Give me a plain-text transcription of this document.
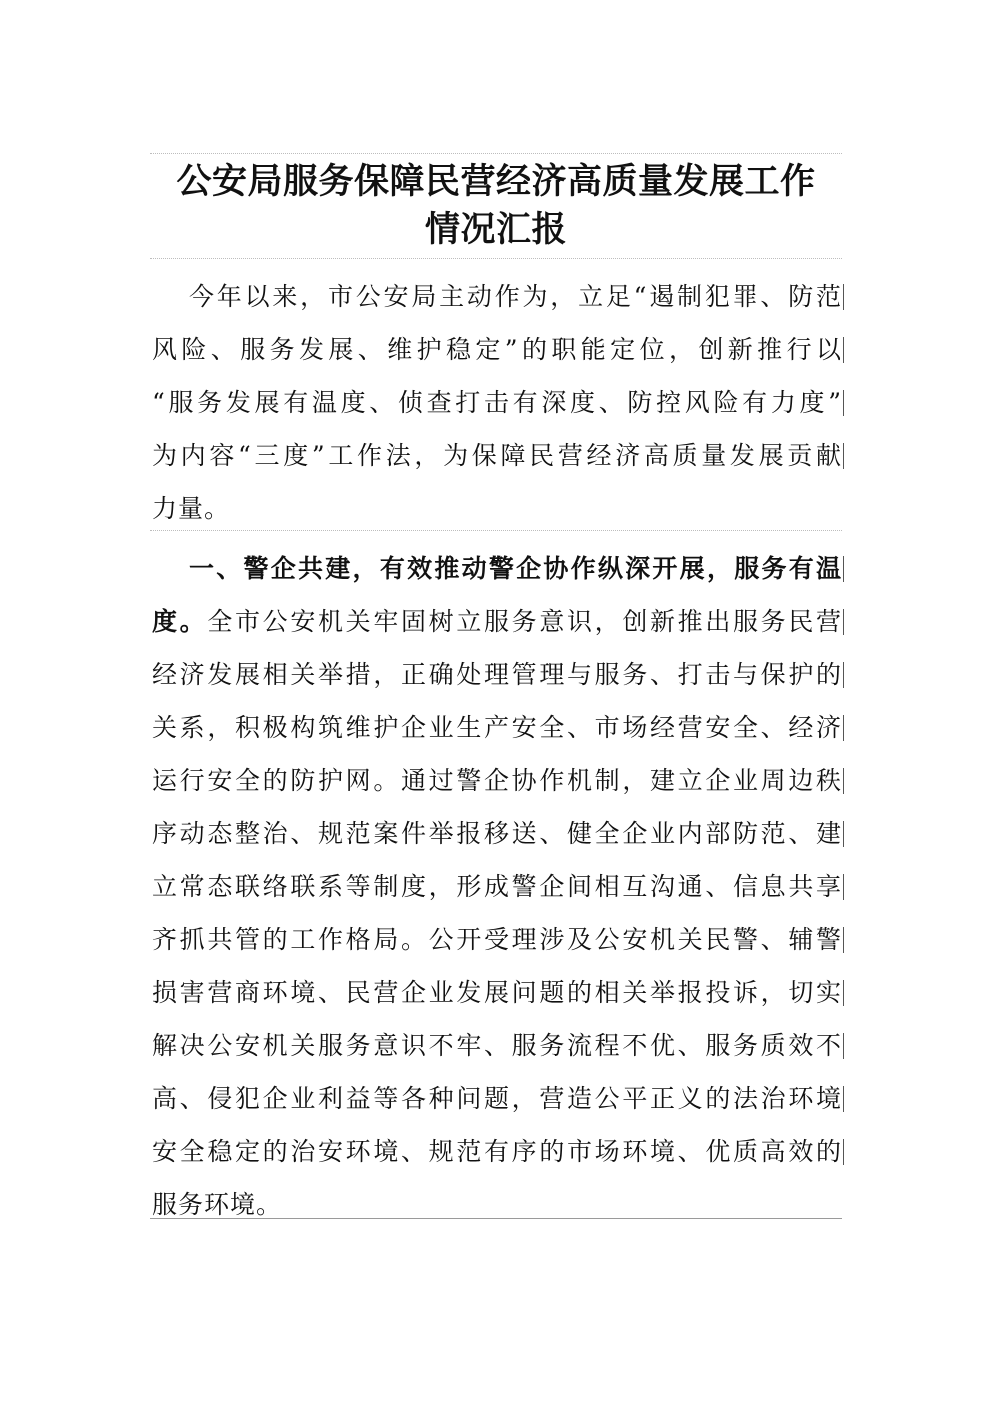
公安局服务保障民营经济高质量发展工作
情况汇报
今年以来，市公安局主动作为，立足“遏制犯罪、防范
风险、服务发展、维护稳定”的职能定位，创新推行以
“服务发展有温度、侦查打击有深度、防控风险有力度”
为内容“三度”工作法，为保障民营经济高质量发展贡献
力量。
一、警企共建，有效推动警企协作纵深开展，服务有温
度。全市公安机关牢固树立服务意识，创新推出服务民营
经济发展相关举措，正确处理管理与服务、打击与保护的
关系，积极构筑维护企业生产安全、市场经营安全、经济
运行安全的防护网。通过警企协作机制，建立企业周边秩
序动态整治、规范案件举报移送、健全企业内部防范、建
立常态联络联系等制度，形成警企间相互沟通、信息共享
齐抓共管的工作格局。公开受理涉及公安机关民警、辅警
损害营商环境、民营企业发展问题的相关举报投诉，切实
解决公安机关服务意识不牢、服务流程不优、服务质效不
高、侵犯企业利益等各种问题，营造公平正义的法治环境
安全稳定的治安环境、规范有序的市场环境、优质高效的
服务环境。
